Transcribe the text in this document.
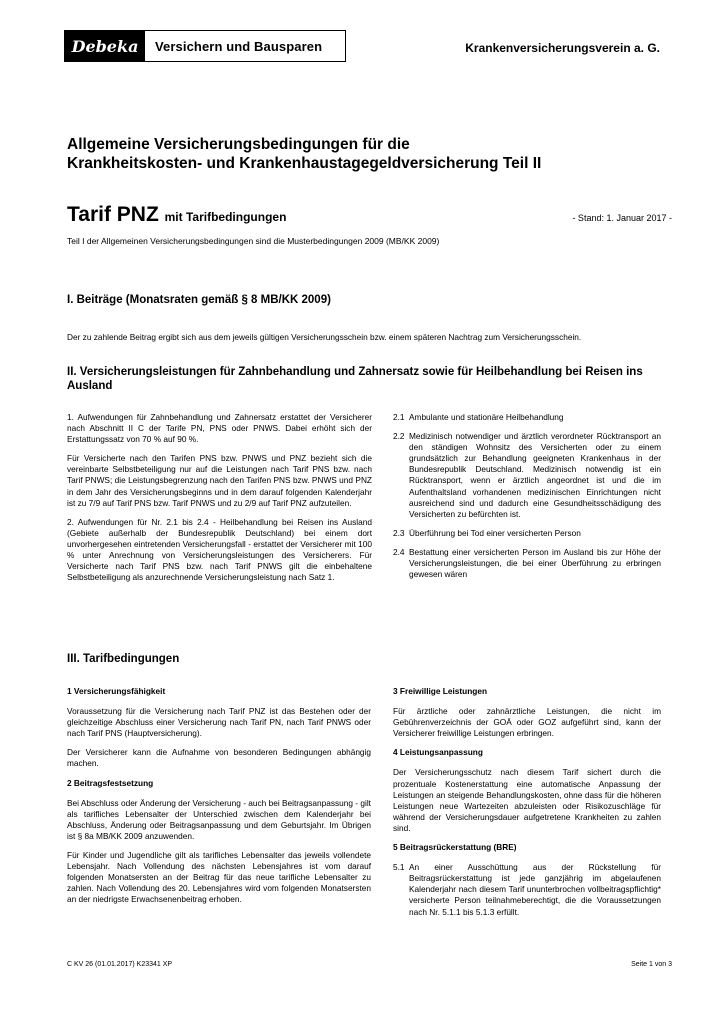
Debeka	Versichern und Bausparen	Krankenversicherungsverein a. G.
Allgemeine Versicherungsbedingungen für die
Krankheitskosten- und Krankenhaustagegeldversicherung Teil II
Tarif PNZ mit Tarifbedingungen	- Stand: 1. Januar 2017 -
Teil I der Allgemeinen Versicherungsbedingungen sind die Musterbedingungen 2009 (MB/KK 2009)
I. Beiträge (Monatsraten gemäß § 8 MB/KK 2009)
Der zu zahlende Beitrag ergibt sich aus dem jeweils gültigen Versicherungsschein bzw. einem späteren Nachtrag zum Versicherungsschein.
II. Versicherungsleistungen für Zahnbehandlung und Zahnersatz sowie für Heilbehandlung bei Reisen ins Ausland

1. Aufwendungen für Zahnbehandlung und Zahnersatz erstattet der Versicherer nach Abschnitt II C der Tarife PN, PNS oder PNWS. Dabei erhöht sich der Erstattungssatz von 70 % auf 90 %.

Für Versicherte nach den Tarifen PNS bzw. PNWS und PNZ bezieht sich die vereinbarte Selbstbeteiligung nur auf die Leistungen nach Tarif PNS bzw. nach Tarif PNWS; die Leistungsbegrenzung nach den Tarifen PNS bzw. PNWS und PNZ in dem Jahr des Versicherungsbeginns und in dem darauf folgenden Kalenderjahr ist zu 7/9 auf Tarif PNS bzw. Tarif PNWS und zu 2/9 auf Tarif PNZ aufzuteilen.

2. Aufwendungen für Nr. 2.1 bis 2.4 - Heilbehandlung bei Reisen ins Ausland (Gebiete außerhalb der Bundesrepublik Deutschland) bei einem dort unvorhergesehen eintretenden Versicherungsfall - erstattet der Versicherer mit 100 % unter Anrechnung von Versicherungsleistungen des Versicherers. Für Versicherte nach Tarif PNS bzw. nach Tarif PNWS gilt die einbehaltene Selbstbeteiligung als anzurechnende Versicherungsleistung nach Satz 1.

2.1 Ambulante und stationäre Heilbehandlung
2.2 Medizinisch notwendiger und ärztlich verordneter Rücktransport an den ständigen Wohnsitz des Versicherten oder zu einem grundsätzlich zur Behandlung geeigneten Krankenhaus in der Bundesrepublik Deutschland. Medizinisch notwendig ist ein Rücktransport, wenn er ärztlich angeordnet ist und die im Aufenthaltsland vorhandenen medizinischen Einrichtungen nicht ausreichend sind und dadurch eine Gesundheitsschädigung des Versicherten zu befürchten ist.
2.3 Überführung bei Tod einer versicherten Person
2.4 Bestattung einer versicherten Person im Ausland bis zur Höhe der Versicherungsleistungen, die bei einer Überführung zu erbringen gewesen wären
III. Tarifbedingungen
1 Versicherungsfähigkeit

Voraussetzung für die Versicherung nach Tarif PNZ ist das Bestehen oder der gleichzeitige Abschluss einer Versicherung nach Tarif PN, nach Tarif PNWS oder nach Tarif PNS (Hauptversicherung).

Der Versicherer kann die Aufnahme von besonderen Bedingungen abhängig machen.

2 Beitragsfestsetzung

Bei Abschluss oder Änderung der Versicherung - auch bei Beitragsanpassung - gilt als tarifliches Lebensalter der Unterschied zwischen dem Kalenderjahr bei Abschluss, Änderung oder Beitragsanpassung und dem Geburtsjahr. Im Übrigen ist § 8a MB/KK 2009 anzuwenden.

Für Kinder und Jugendliche gilt als tarifliches Lebensalter das jeweils vollendete Lebensjahr. Nach Vollendung des nächsten Lebensjahres ist vom darauf folgenden Monatsersten an der Beitrag für das neue tarifliche Lebensalter zu zahlen. Nach Vollendung des 20. Lebensjahres wird vom folgenden Monatsersten an der niedrigste Erwachsenenbeitrag erhoben.

3 Freiwillige Leistungen

Für ärztliche oder zahnärztliche Leistungen, die nicht im Gebührenverzeichnis der GOÄ oder GOZ aufgeführt sind, kann der Versicherer freiwillige Leistungen erbringen.

4 Leistungsanpassung

Der Versicherungsschutz nach diesem Tarif sichert durch die prozentuale Kostenerstattung eine automatische Anpassung der Leistungen an steigende Behandlungskosten, ohne dass für die höheren Leistungen neue Wartezeiten abzuleisten oder Risikozuschläge für während der Versicherungsdauer aufgetretene Krankheiten zu zahlen sind.

5 Beitragsrückerstattung (BRE)
5.1 An einer Ausschüttung aus der Rückstellung für Beitragsrückerstattung ist jede ganzjährig im abgelaufenen Kalenderjahr nach diesem Tarif ununterbrochen vollbeitragspflichtig* versicherte Person teilnahmeberechtigt, die die Voraussetzungen nach Nr. 5.1.1 bis 5.1.3 erfüllt.
C KV 26 (01.01.2017) K23341 XP	Seite 1 von 3
